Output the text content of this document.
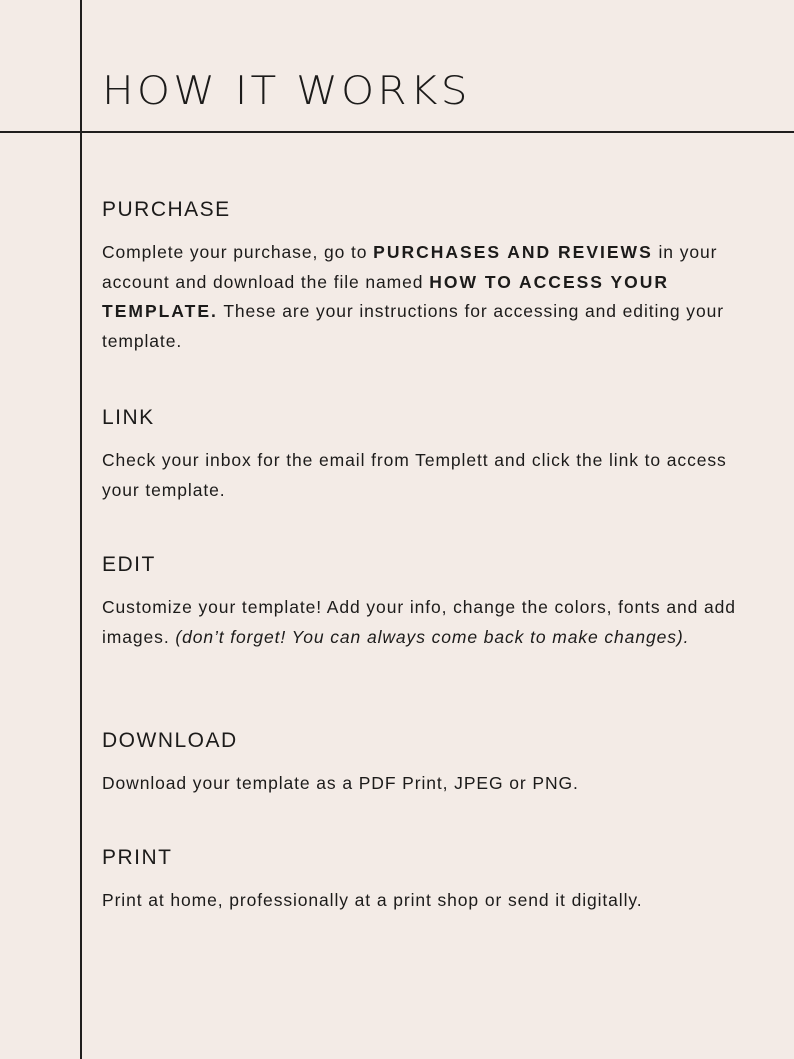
HOW IT WORKS
PURCHASE

Complete your purchase, go to PURCHASES AND REVIEWS in your account and download the file named HOW TO ACCESS YOUR TEMPLATE. These are your instructions for accessing and editing your template.

LINK

Check your inbox for the email from Templett and click the link to access your template.

EDIT

Customize your template! Add your info, change the colors, fonts and add images. (don’t forget! You can always come back to make changes).

DOWNLOAD

Download your template as a PDF Print, JPEG or PNG.

PRINT

Print at home, professionally at a print shop or send it digitally.
